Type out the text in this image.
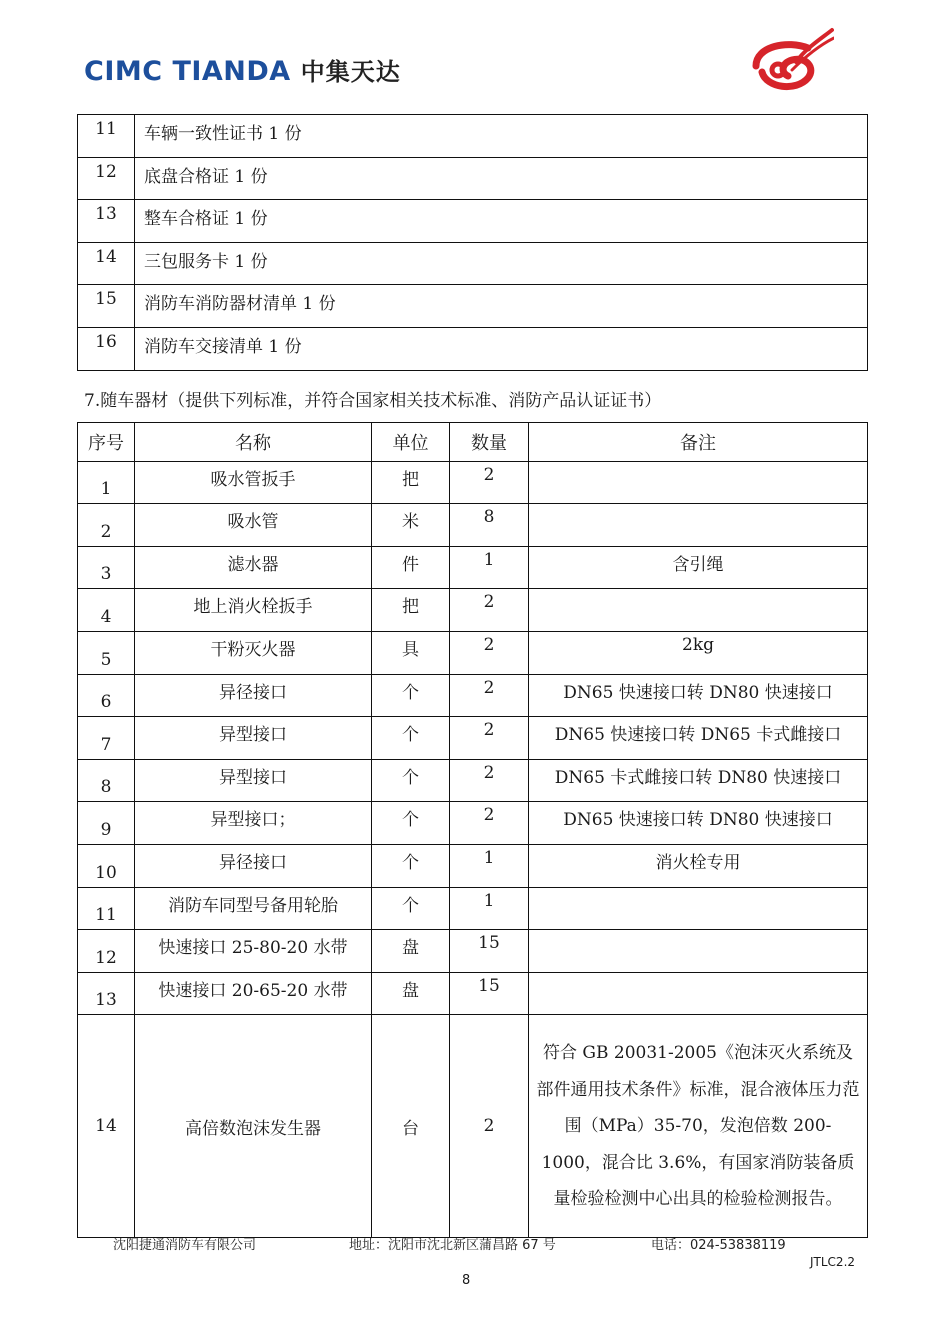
CIMC TIANDA 中集天达
11	车辆一致性证书 1 份
12	底盘合格证 1 份
13	整车合格证 1 份
14	三包服务卡 1 份
15	消防车消防器材清单 1 份
16	消防车交接清单 1 份
7.随车器材（提供下列标准，并符合国家相关技术标准、消防产品认证证书）
序号	名称	单位	数量	备注
1	吸水管扳手	把	2	
2	吸水管	米	8	
3	滤水器	件	1	含引绳
4	地上消火栓扳手	把	2	
5	干粉灭火器	具	2	2kg
6	异径接口	个	2	DN65 快速接口转 DN80 快速接口
7	异型接口	个	2	DN65 快速接口转 DN65 卡式雌接口
8	异型接口	个	2	DN65 卡式雌接口转 DN80 快速接口
9	异型接口；	个	2	DN65 快速接口转 DN80 快速接口
10	异径接口	个	1	消火栓专用
11	消防车同型号备用轮胎	个	1	
12	快速接口 25-80-20 水带	盘	15	
13	快速接口 20-65-20 水带	盘	15	
14	高倍数泡沫发生器	台	2	符合 GB 20031-2005《泡沫灭火系统及部件通用技术条件》标准，混合液体压力范围（MPa）35-70，发泡倍数 200-1000，混合比 3.6%，有国家消防装备质量检验检测中心出具的检验检测报告。
沈阳捷通消防车有限公司	地址：沈阳市沈北新区蒲昌路 67 号	电话：024-53838119
JTLC2.2
8
